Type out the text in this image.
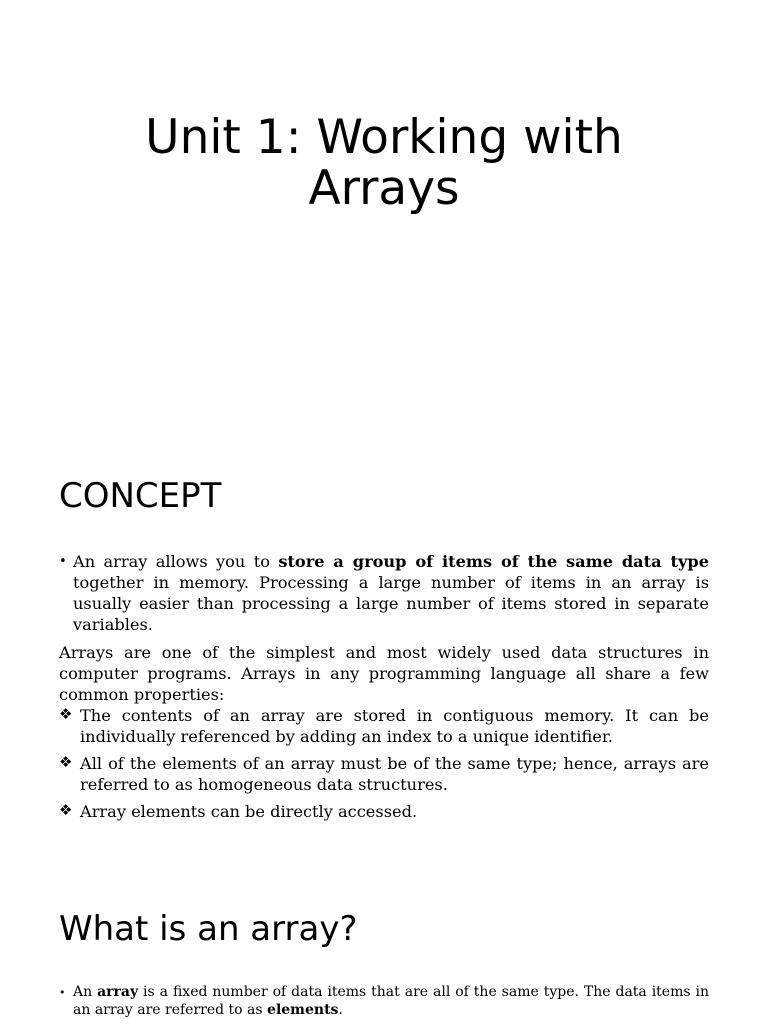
Unit 1: Working with
Arrays
CONCEPT
• An array allows you to store a group of items of the same data type together in memory. Processing a large number of items in an array is usually easier than processing a large number of items stored in separate variables.
Arrays are one of the simplest and most widely used data structures in computer programs. Arrays in any programming language all share a few common properties:
❖ The contents of an array are stored in contiguous memory. It can be individually referenced by adding an index to a unique identifier.
❖ All of the elements of an array must be of the same type; hence, arrays are referred to as homogeneous data structures.
❖ Array elements can be directly accessed.
What is an array?
• An array is a fixed number of data items that are all of the same type. The data items in an array are referred to as elements.
